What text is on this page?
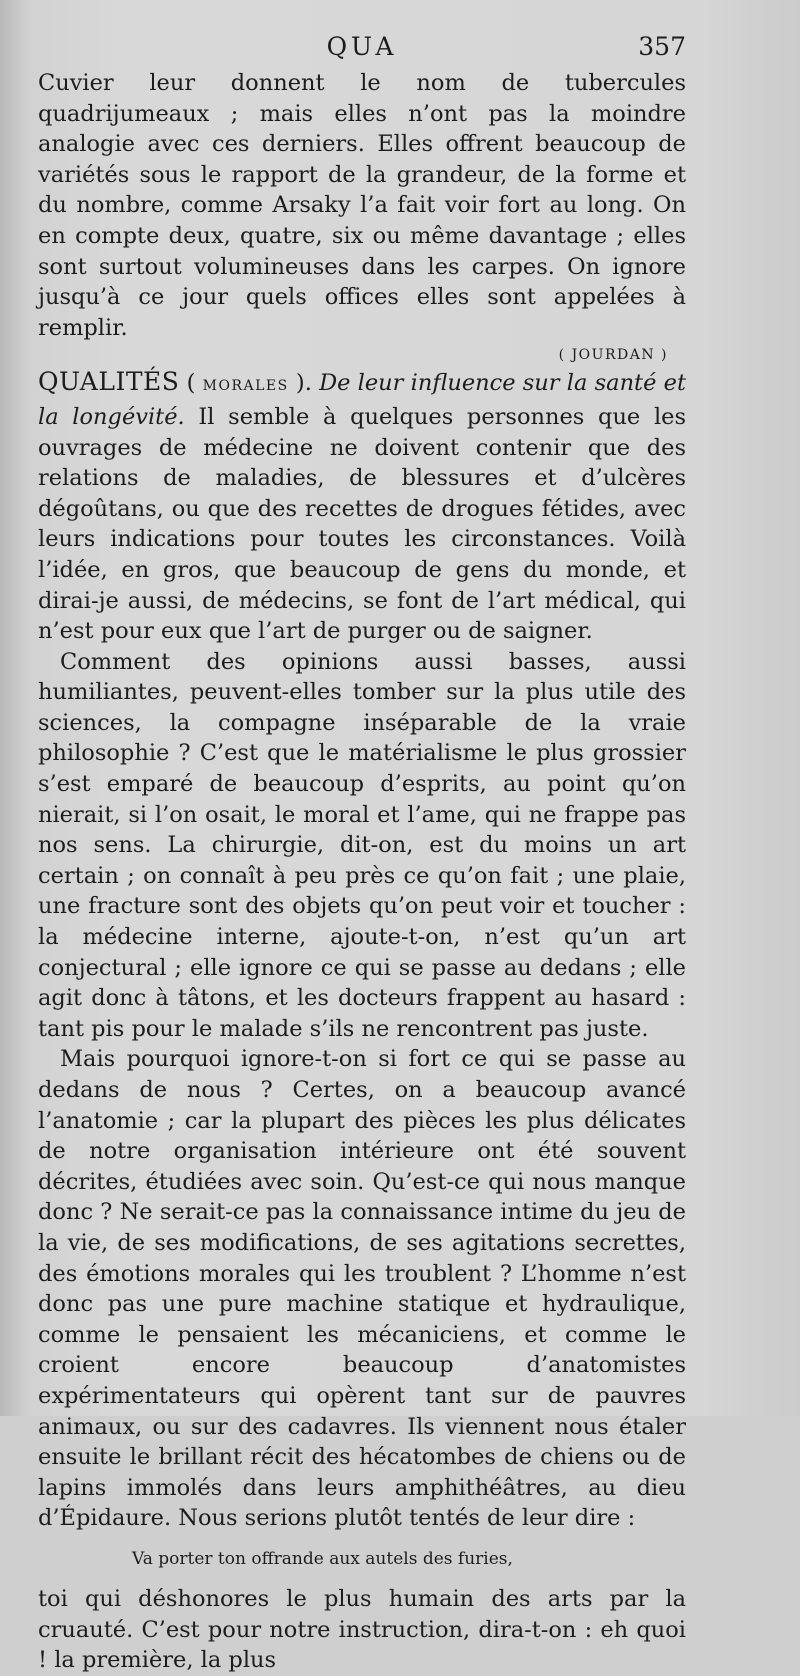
QUA	357

Cuvier leur donnent le nom de tubercules quadrijumeaux ; mais elles n’ont pas la moindre analogie avec ces derniers. Elles offrent beaucoup de variétés sous le rapport de la grandeur, de la forme et du nombre, comme Arsaky l’a fait voir fort au long. On en compte deux, quatre, six ou même davantage ; elles sont surtout volumineuses dans les carpes. On ignore jusqu’à ce jour quels offices elles sont appelées à remplir.

( JOURDAN )

QUALITÉS ( MORALES ). De leur influence sur la santé et la longévité. Il semble à quelques personnes que les ouvrages de médecine ne doivent contenir que des relations de maladies, de blessures et d’ulcères dégoûtans, ou que des recettes de drogues fétides, avec leurs indications pour toutes les circonstances. Voilà l’idée, en gros, que beaucoup de gens du monde, et dirai-je aussi, de médecins, se font de l’art médical, qui n’est pour eux que l’art de purger ou de saigner.

Comment des opinions aussi basses, aussi humiliantes, peuvent-elles tomber sur la plus utile des sciences, la compagne inséparable de la vraie philosophie ? C’est que le matérialisme le plus grossier s’est emparé de beaucoup d’esprits, au point qu’on nierait, si l’on osait, le moral et l’ame, qui ne frappe pas nos sens. La chirurgie, dit-on, est du moins un art certain ; on connaît à peu près ce qu’on fait ; une plaie, une fracture sont des objets qu’on peut voir et toucher : la médecine interne, ajoute-t-on, n’est qu’un art conjectural ; elle ignore ce qui se passe au dedans ; elle agit donc à tâtons, et les docteurs frappent au hasard : tant pis pour le malade s’ils ne rencontrent pas juste.

Mais pourquoi ignore-t-on si fort ce qui se passe au dedans de nous ? Certes, on a beaucoup avancé l’anatomie ; car la plupart des pièces les plus délicates de notre organisation intérieure ont été souvent décrites, étudiées avec soin. Qu’est-ce qui nous manque donc ? Ne serait-ce pas la connaissance intime du jeu de la vie, de ses modifications, de ses agitations secrettes, des émotions morales qui les troublent ? L’homme n’est donc pas une pure machine statique et hydraulique, comme le pensaient les mécaniciens, et comme le croient encore beaucoup d’anatomistes expérimentateurs qui opèrent tant sur de pauvres animaux, ou sur des cadavres. Ils viennent nous étaler ensuite le brillant récit des hécatombes de chiens ou de lapins immolés dans leurs amphithéâtres, au dieu d’Épidaure. Nous serions plutôt tentés de leur dire :

Va porter ton offrande aux autels des furies,

toi qui déshonores le plus humain des arts par la cruauté. C’est pour notre instruction, dira-t-on : eh quoi ! la première, la plus
